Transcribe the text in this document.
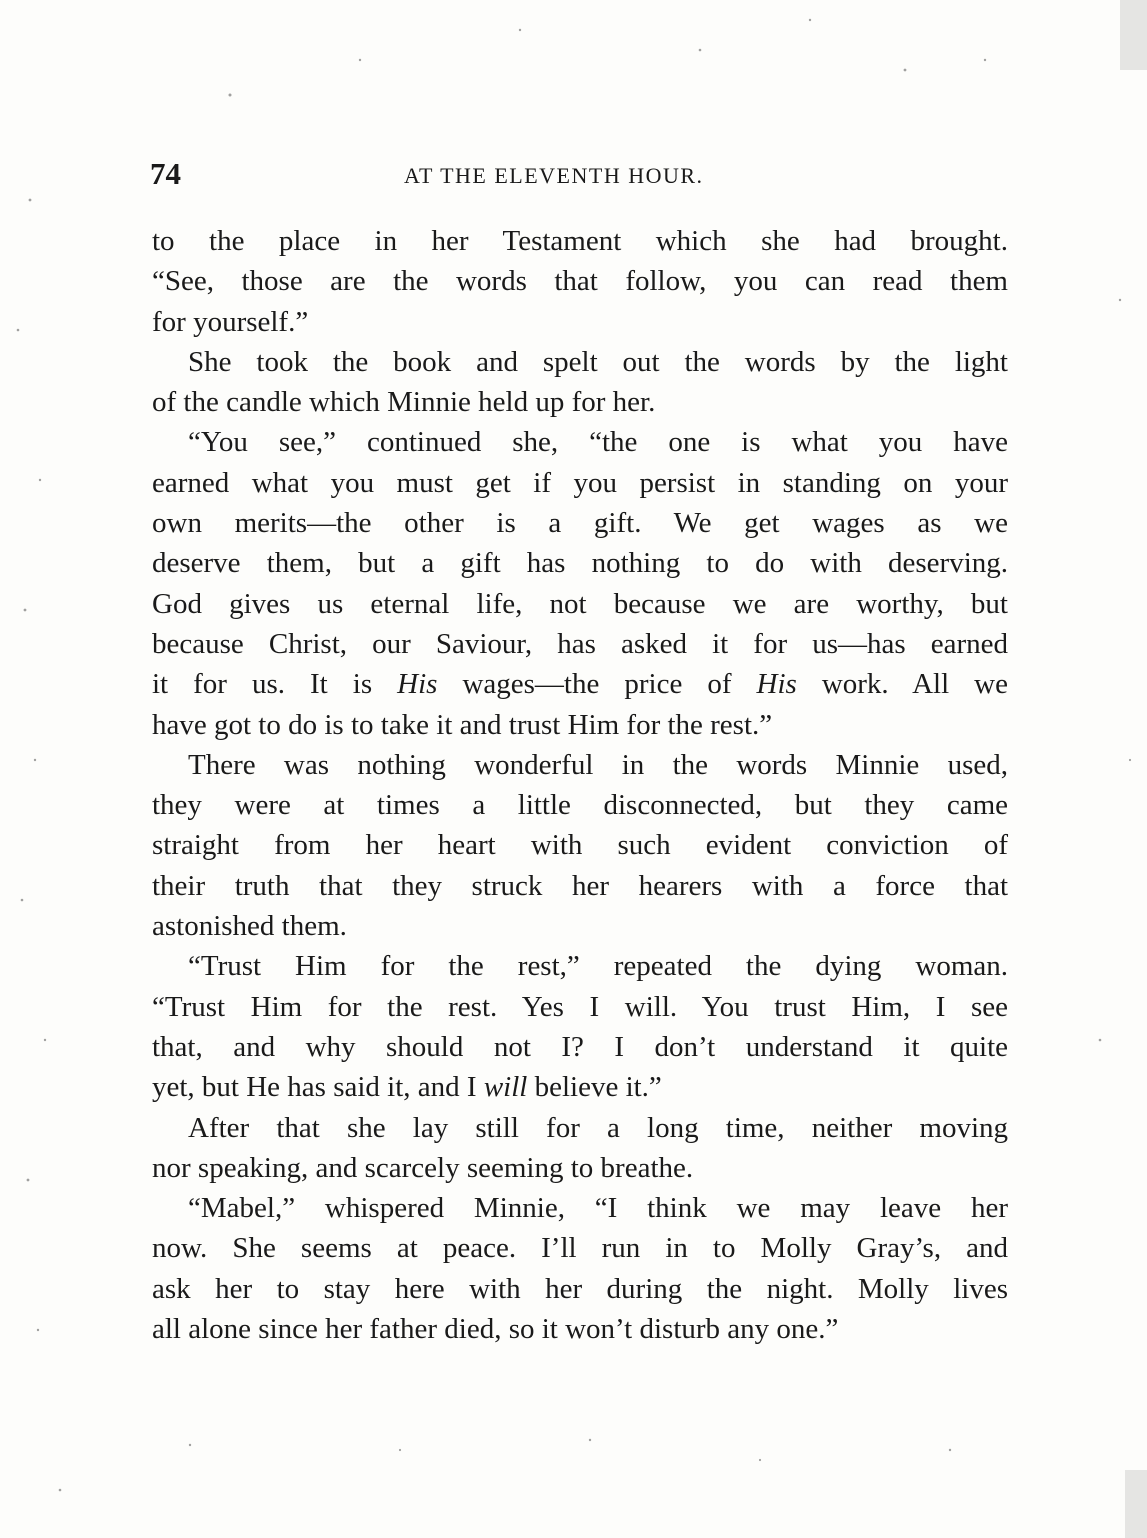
74	AT THE ELEVENTH HOUR.
to the place in her Testament which she had brought.
“See, those are the words that follow, you can read them
for yourself.”
She took the book and spelt out the words by the light
of the candle which Minnie held up for her.
“You see,” continued she, “the one is what you have
earned what you must get if you persist in standing on your
own merits—the other is a gift. We get wages as we
deserve them, but a gift has nothing to do with deserving.
God gives us eternal life, not because we are worthy, but
because Christ, our Saviour, has asked it for us—has earned
it for us. It is His wages—the price of His work. All we
have got to do is to take it and trust Him for the rest.”
There was nothing wonderful in the words Minnie used,
they were at times a little disconnected, but they came
straight from her heart with such evident conviction of
their truth that they struck her hearers with a force that
astonished them.
“Trust Him for the rest,” repeated the dying woman.
“Trust Him for the rest. Yes I will. You trust Him, I see
that, and why should not I? I don’t understand it quite
yet, but He has said it, and I will believe it.”
After that she lay still for a long time, neither moving
nor speaking, and scarcely seeming to breathe.
“Mabel,” whispered Minnie, “I think we may leave her
now. She seems at peace. I’ll run in to Molly Gray’s, and
ask her to stay here with her during the night. Molly lives
all alone since her father died, so it won’t disturb any one.”
